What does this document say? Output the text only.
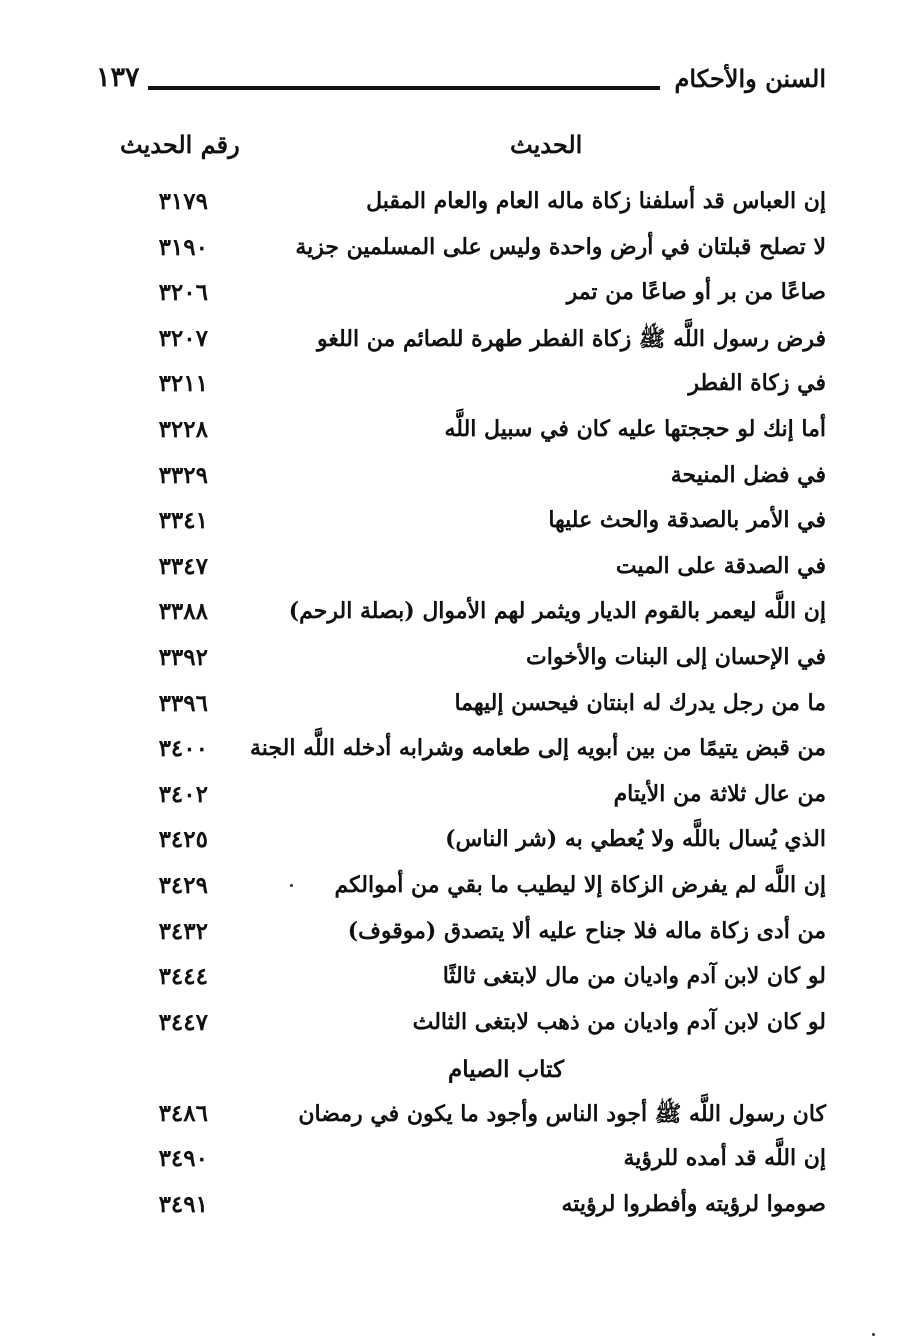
السنن والأحكام
١٣٧
الحديث
رقم الحديث
إن العباس قد أسلفنا زكاة ماله العام والعام المقبل
٣١٧٩
لا تصلح قبلتان في أرض واحدة وليس على المسلمين جزية
٣١٩٠
صاعًا من بر أو صاعًا من تمر
٣٢٠٦
فرض رسول اللَّه ﷺ زكاة الفطر طهرة للصائم من اللغو
٣٢٠٧
في زكاة الفطر
٣٢١١
أما إنك لو حججتها عليه كان في سبيل اللَّه
٣٢٢٨
في فضل المنيحة
٣٣٢٩
في الأمر بالصدقة والحث عليها
٣٣٤١
في الصدقة على الميت
٣٣٤٧
إن اللَّه ليعمر بالقوم الديار ويثمر لهم الأموال (بصلة الرحم)
٣٣٨٨
في الإحسان إلى البنات والأخوات
٣٣٩٢
ما من رجل يدرك له ابنتان فيحسن إليهما
٣٣٩٦
من قبض يتيمًا من بين أبويه إلى طعامه وشرابه أدخله اللَّه الجنة
٣٤٠٠
من عال ثلاثة من الأيتام
٣٤٠٢
الذي يُسال باللَّه ولا يُعطي به (شر الناس)
٣٤٢٥
إن اللَّه لم يفرض الزكاة إلا ليطيب ما بقي من أموالكم
٣٤٢٩
من أدى زكاة ماله فلا جناح عليه ألا يتصدق (موقوف)
٣٤٣٢
لو كان لابن آدم واديان من مال لابتغى ثالثًا
٣٤٤٤
لو كان لابن آدم واديان من ذهب لابتغى الثالث
٣٤٤٧
كتاب الصيام
كان رسول اللَّه ﷺ أجود الناس وأجود ما يكون في رمضان
٣٤٨٦
إن اللَّه قد أمده للرؤية
٣٤٩٠
صوموا لرؤيته وأفطروا لرؤيته
٣٤٩١
